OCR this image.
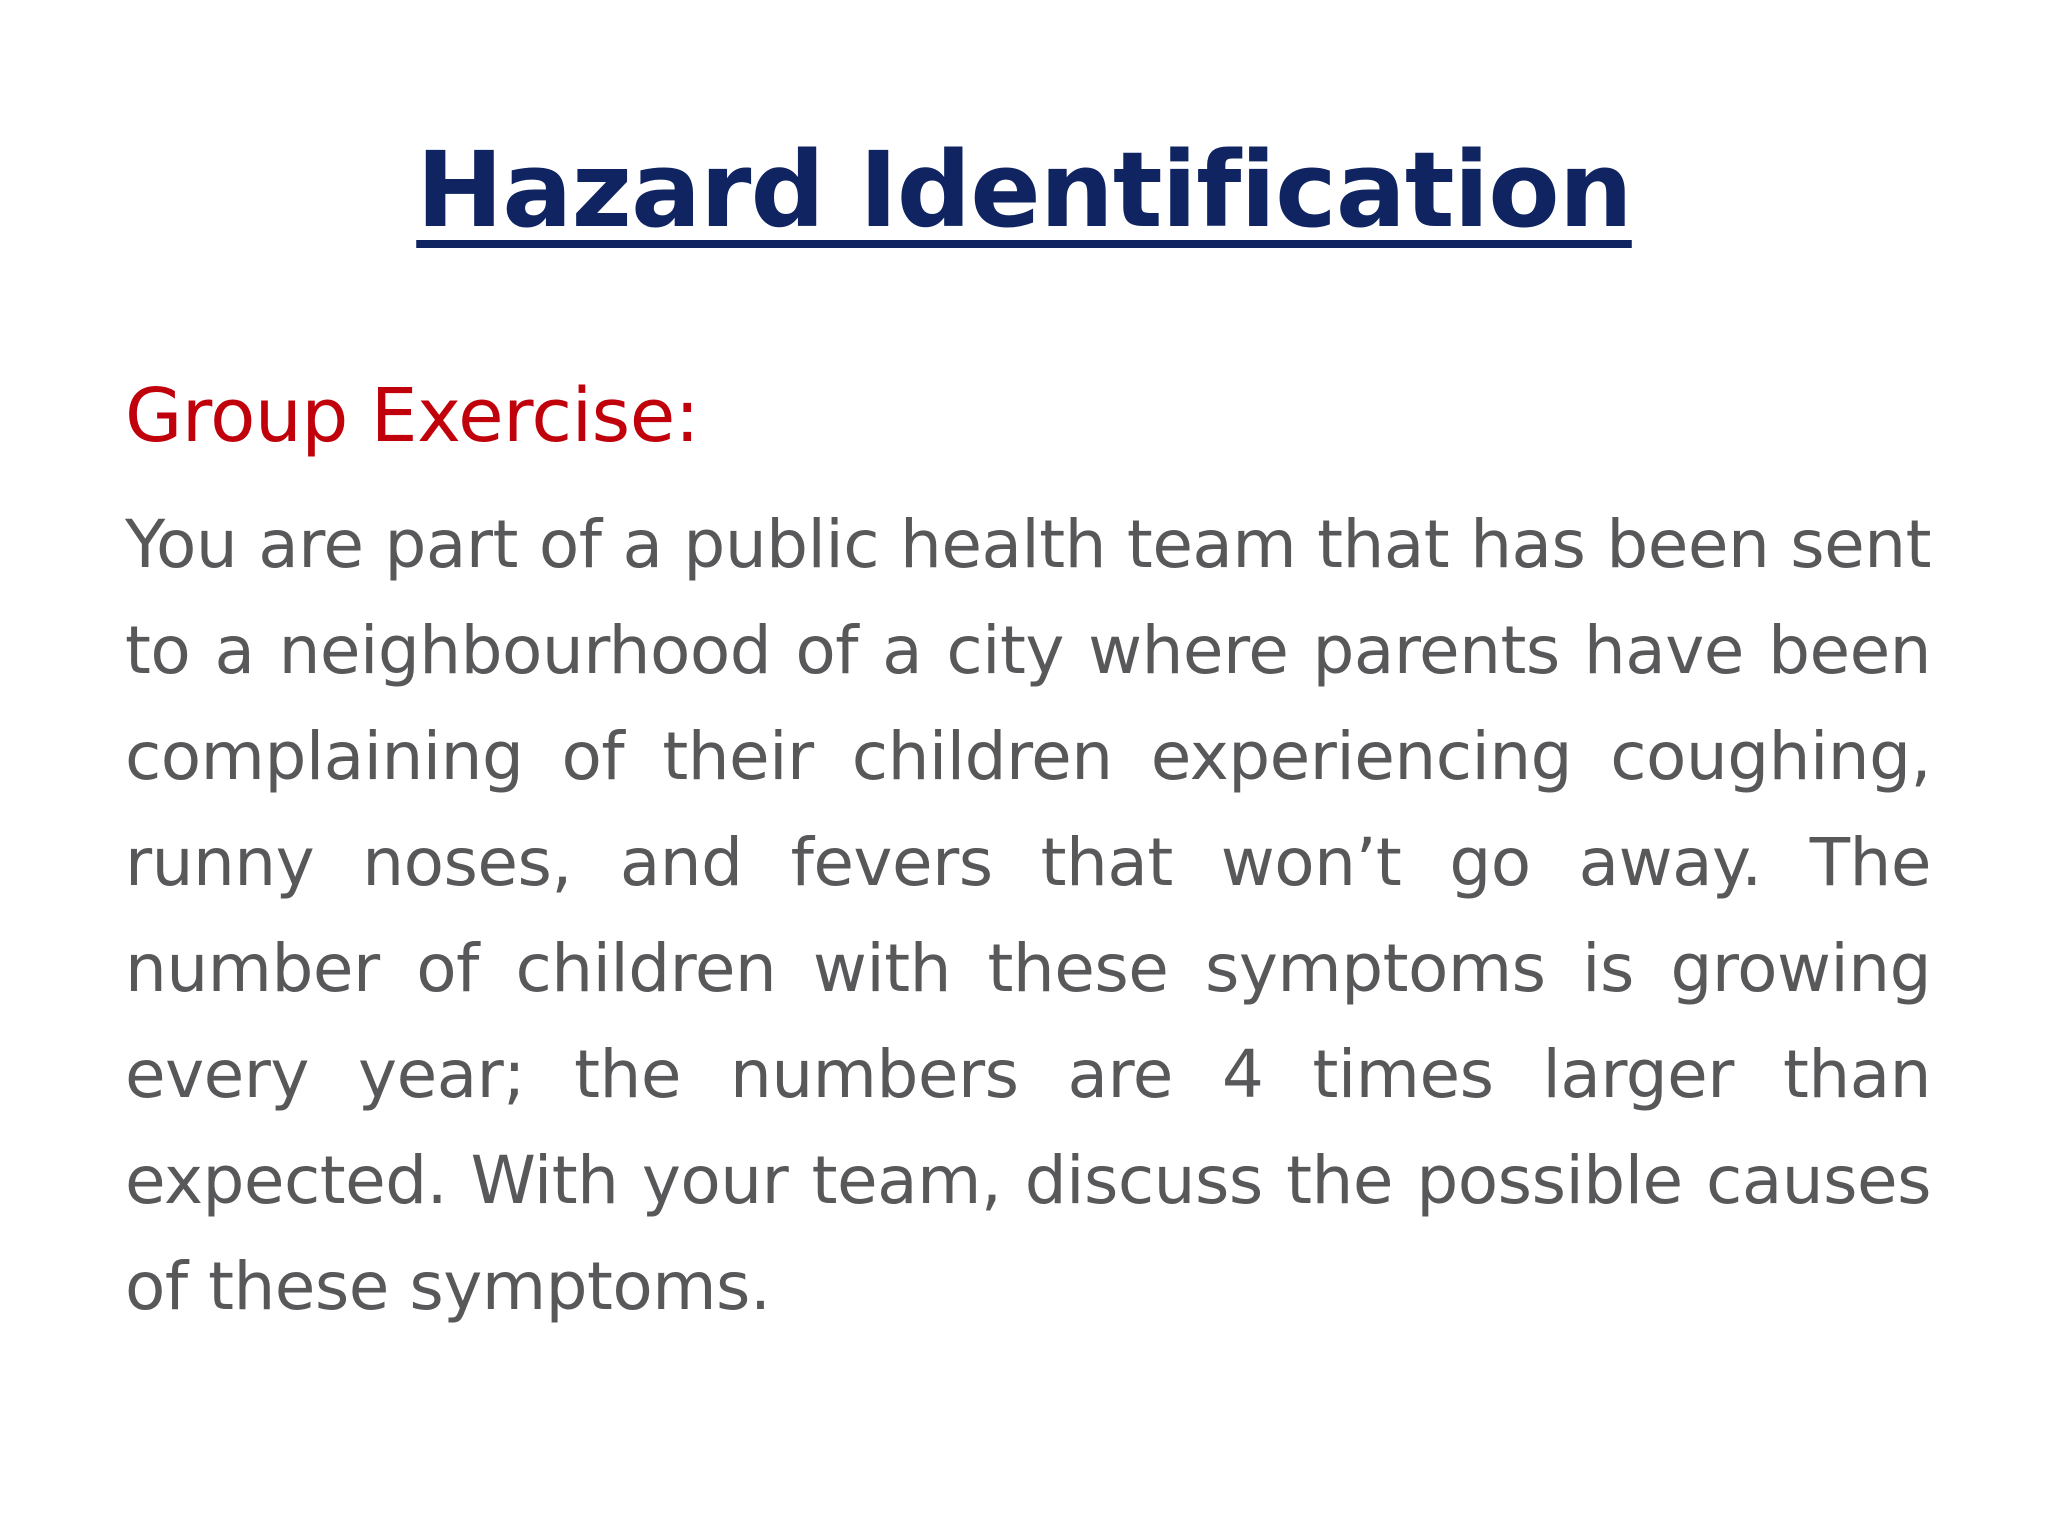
Hazard Identification
Group Exercise:

You are part of a public health team that has been sent to a neighbourhood of a city where parents have been complaining of their children experiencing coughing, runny noses, and fevers that won’t go away. The number of children with these symptoms is growing every year; the numbers are 4 times larger than expected. With your team, discuss the possible causes of these symptoms.
